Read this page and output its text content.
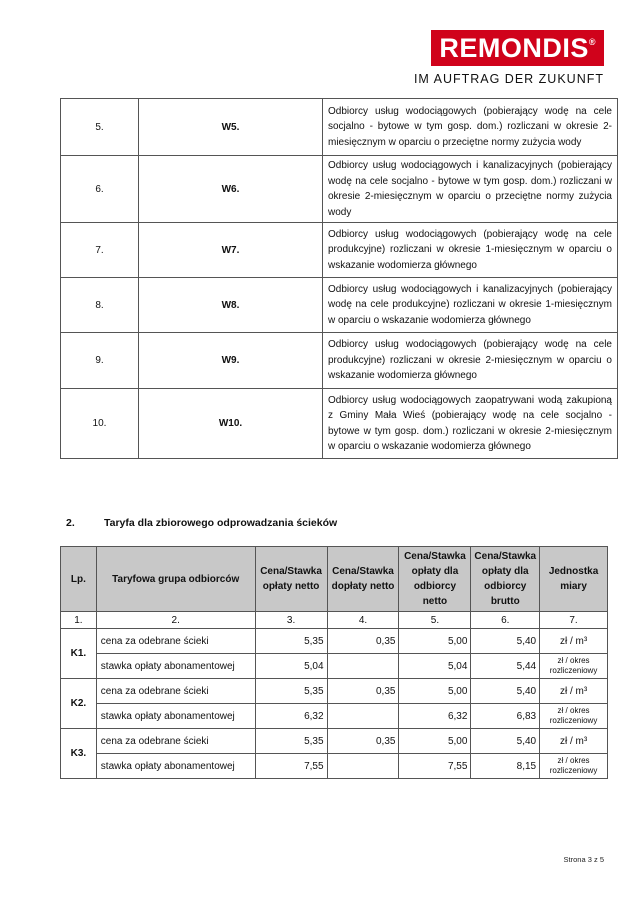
REMONDIS®
IM AUFTRAG DER ZUKUNFT
5.	W5.	Odbiorcy usług wodociągowych (pobierający wodę na cele socjalno - bytowe w tym gosp. dom.) rozliczani w okresie 2-miesięcznym w oparciu o przeciętne normy zużycia wody
6.	W6.	Odbiorcy usług wodociągowych i kanalizacyjnych (pobierający wodę na cele socjalno - bytowe w tym gosp. dom.) rozliczani w okresie 2-miesięcznym w oparciu o przeciętne normy zużycia wody
7.	W7.	Odbiorcy usług wodociągowych (pobierający wodę na cele produkcyjne) rozliczani w okresie 1-miesięcznym w oparciu o wskazanie wodomierza głównego
8.	W8.	Odbiorcy usług wodociągowych i kanalizacyjnych (pobierający wodę na cele produkcyjne) rozliczani w okresie 1-miesięcznym w oparciu o wskazanie wodomierza głównego
9.	W9.	Odbiorcy usług wodociągowych (pobierający wodę na cele produkcyjne) rozliczani w okresie 2-miesięcznym w oparciu o wskazanie wodomierza głównego
10.	W10.	Odbiorcy usług wodociągowych zaopatrywani wodą zakupioną z Gminy Mała Wieś (pobierający wodę na cele socjalno - bytowe w tym gosp. dom.) rozliczani w okresie 2-miesięcznym w oparciu o wskazanie wodomierza głównego
2.	Taryfa dla zbiorowego odprowadzania ścieków
Lp.	Taryfowa grupa odbiorców	Cena/Stawka opłaty netto	Cena/Stawka dopłaty netto	Cena/Stawka opłaty dla odbiorcy netto	Cena/Stawka opłaty dla odbiorcy brutto	Jednostka miary
1.	2.	3.	4.	5.	6.	7.
K1.	cena za odebrane ścieki	5,35	0,35	5,00	5,40	zł / m³
	stawka opłaty abonamentowej	5,04		5,04	5,44	zł / okres rozliczeniowy
K2.	cena za odebrane ścieki	5,35	0,35	5,00	5,40	zł / m³
	stawka opłaty abonamentowej	6,32		6,32	6,83	zł / okres rozliczeniowy
K3.	cena za odebrane ścieki	5,35	0,35	5,00	5,40	zł / m³
	stawka opłaty abonamentowej	7,55		7,55	8,15	zł / okres rozliczeniowy
Strona 3 z 5
